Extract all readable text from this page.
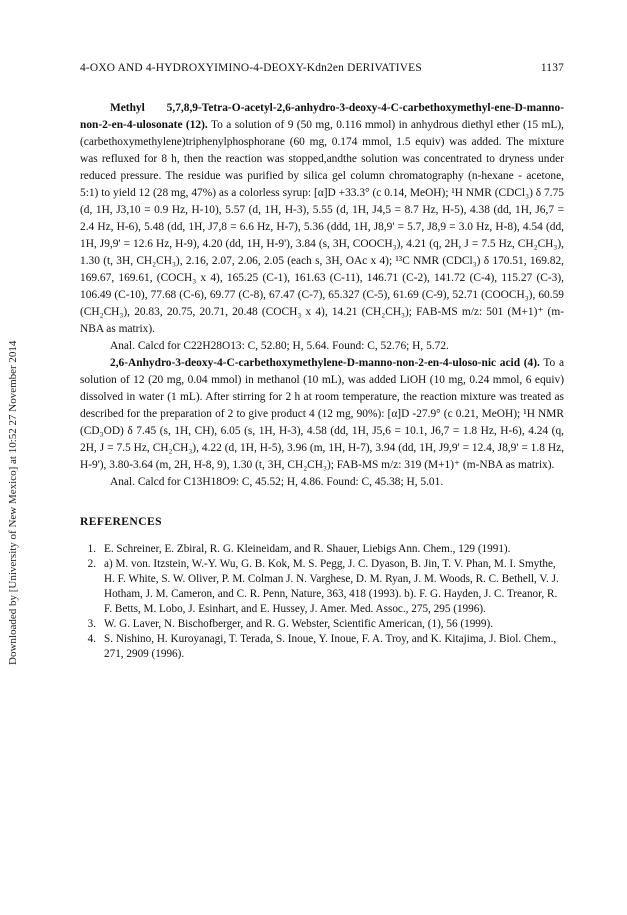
Downloaded by [University of New Mexico] at 10:52 27 November 2014
4-OXO AND 4-HYDROXYIMINO-4-DEOXY-Kdn2en DERIVATIVES	1137

Methyl 5,7,8,9-Tetra-O-acetyl-2,6-anhydro-3-deoxy-4-C-carbethoxymethyl-ene-D-manno-non-2-en-4-ulosonate (12). To a solution of 9 (50 mg, 0.116 mmol) in anhydrous diethyl ether (15 mL), (carbethoxymethylene)triphenylphosphorane (60 mg, 0.174 mmol, 1.5 equiv) was added. The mixture was refluxed for 8 h, then the reaction was stopped,andthe solution was concentrated to dryness under reduced pressure. The residue was purified by silica gel column chromatography (n-hexane - acetone, 5:1) to yield 12 (28 mg, 47%) as a colorless syrup: [α]D +33.3° (c 0.14, MeOH); ¹H NMR (CDCl₃) δ 7.75 (d, 1H, J3,10 = 0.9 Hz, H-10), 5.57 (d, 1H, H-3), 5.55 (d, 1H, J4,5 = 8.7 Hz, H-5), 4.38 (dd, 1H, J6,7 = 2.4 Hz, H-6), 5.48 (dd, 1H, J7,8 = 6.6 Hz, H-7), 5.36 (ddd, 1H, J8,9' = 5.7, J8,9 = 3.0 Hz, H-8), 4.54 (dd, 1H, J9,9' = 12.6 Hz, H-9), 4.20 (dd, 1H, H-9'), 3.84 (s, 3H, COOCH₃), 4.21 (q, 2H, J = 7.5 Hz, CH₂CH₃), 1.30 (t, 3H, CH₂CH₃), 2.16, 2.07, 2.06, 2.05 (each s, 3H, OAc x 4); ¹³C NMR (CDCl₃) δ 170.51, 169.82, 169.67, 169.61, (COCH₃ x 4), 165.25 (C-1), 161.63 (C-11), 146.71 (C-2), 141.72 (C-4), 115.27 (C-3), 106.49 (C-10), 77.68 (C-6), 69.77 (C-8), 67.47 (C-7), 65.327 (C-5), 61.69 (C-9), 52.71 (COOCH₃), 60.59 (CH₂CH₃), 20.83, 20.75, 20.71, 20.48 (COCH₃ x 4), 14.21 (CH₂CH₃); FAB-MS m/z: 501 (M+1)⁺ (m-NBA as matrix).

Anal. Calcd for C22H28O13: C, 52.80; H, 5.64. Found: C, 52.76; H, 5.72.

2,6-Anhydro-3-deoxy-4-C-carbethoxymethylene-D-manno-non-2-en-4-uloso-nic acid (4). To a solution of 12 (20 mg, 0.04 mmol) in methanol (10 mL), was added LiOH (10 mg, 0.24 mmol, 6 equiv) dissolved in water (1 mL). After stirring for 2 h at room temperature, the reaction mixture was treated as described for the preparation of 2 to give product 4 (12 mg, 90%): [α]D -27.9° (c 0.21, MeOH); ¹H NMR (CD₃OD) δ 7.45 (s, 1H, CH), 6.05 (s, 1H, H-3), 4.58 (dd, 1H, J5,6 = 10.1, J6,7 = 1.8 Hz, H-6), 4.24 (q, 2H, J = 7.5 Hz, CH₂CH₃), 4.22 (d, 1H, H-5), 3.96 (m, 1H, H-7), 3.94 (dd, 1H, J9,9' = 12.4, J8,9' = 1.8 Hz, H-9'), 3.80-3.64 (m, 2H, H-8, 9), 1.30 (t, 3H, CH₂CH₃); FAB-MS m/z: 319 (M+1)⁺ (m-NBA as matrix).

Anal. Calcd for C13H18O9: C, 45.52; H, 4.86. Found: C, 45.38; H, 5.01.

REFERENCES
1. E. Schreiner, E. Zbiral, R. G. Kleineidam, and R. Shauer, Liebigs Ann. Chem., 129 (1991).
2. a) M. von. Itzstein, W.-Y. Wu, G. B. Kok, M. S. Pegg, J. C. Dyason, B. Jin, T. V. Phan, M. I. Smythe, H. F. White, S. W. Oliver, P. M. Colman J. N. Varghese, D. M. Ryan, J. M. Woods, R. C. Bethell, V. J. Hotham, J. M. Cameron, and C. R. Penn, Nature, 363, 418 (1993). b). F. G. Hayden, J. C. Treanor, R. F. Betts, M. Lobo, J. Esinhart, and E. Hussey, J. Amer. Med. Assoc., 275, 295 (1996).
3. W. G. Laver, N. Bischofberger, and R. G. Webster, Scientific American, (1), 56 (1999).
4. S. Nishino, H. Kuroyanagi, T. Terada, S. Inoue, Y. Inoue, F. A. Troy, and K. Kitajima, J. Biol. Chem., 271, 2909 (1996).
